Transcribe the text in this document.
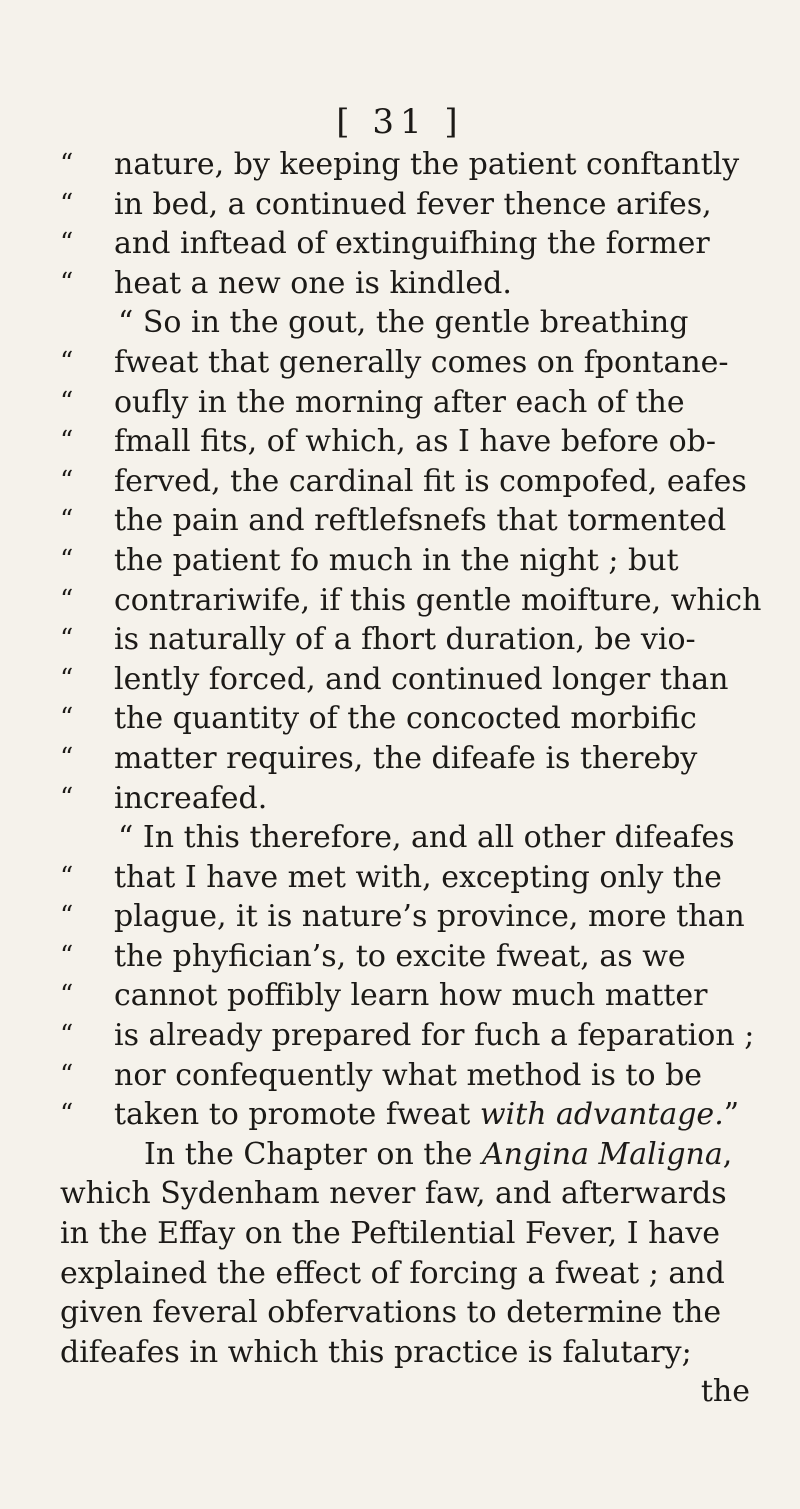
[ 31 ]
“	nature, by keeping the patient conftantly
“	in bed, a continued fever thence arifes,
“	and inftead of extinguifhing the former
“	heat a new one is kindled.
“ So in the gout, the gentle breathing
“	fweat that generally comes on fpontane-
“	oufly in the morning after each of the
“	fmall fits, of which, as I have before ob-
“	ferved, the cardinal fit is compofed, eafes
“	the pain and reftlefsnefs that tormented
“	the patient fo much in the night ; but
“	contrariwife, if this gentle moifture, which
“	is naturally of a fhort duration, be vio-
“	lently forced, and continued longer than
“	the quantity of the concocted morbific
“	matter requires, the difeafe is thereby
“	increafed.
“ In this therefore, and all other difeafes
“	that I have met with, excepting only the
“	plague, it is nature’s province, more than
“	the phyfician’s, to excite fweat, as we
“	cannot poffibly learn how much matter
“	is already prepared for fuch a feparation ;
“	nor confequently what method is to be
“	taken to promote fweat with advantage.”
In the Chapter on the Angina Maligna,
which Sydenham never faw, and afterwards
in the Effay on the Peftilential Fever, I have
explained the effect of forcing a fweat ; and
given feveral obfervations to determine the
difeafes in which this practice is falutary;
the
